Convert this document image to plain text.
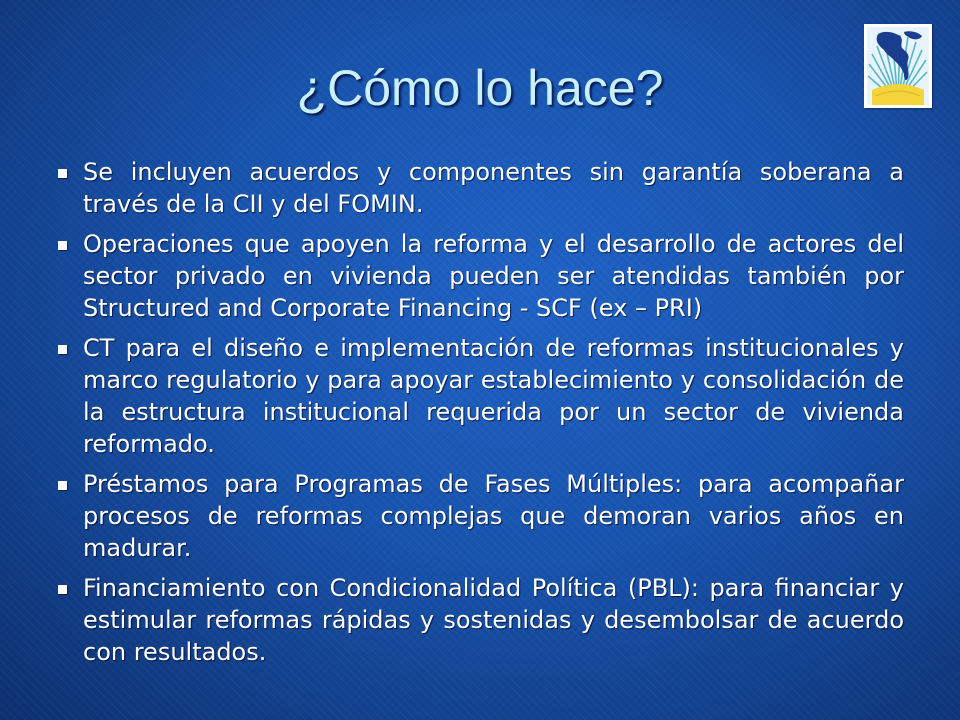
¿Cómo lo hace?
Se incluyen acuerdos y componentes sin garantía soberana a través de la CII y del FOMIN.
Operaciones que apoyen la reforma y el desarrollo de actores del sector privado en vivienda pueden ser atendidas también por Structured and Corporate Financing - SCF (ex – PRI)
CT para el diseño e implementación de reformas institucionales y marco regulatorio y para apoyar establecimiento y consolidación de la estructura institucional requerida por un sector de vivienda reformado.
Préstamos para Programas de Fases Múltiples: para acompañar procesos de reformas complejas que demoran varios años en madurar.
Financiamiento con Condicionalidad Política (PBL): para financiar y estimular reformas rápidas y sostenidas y desembolsar de acuerdo con resultados.
